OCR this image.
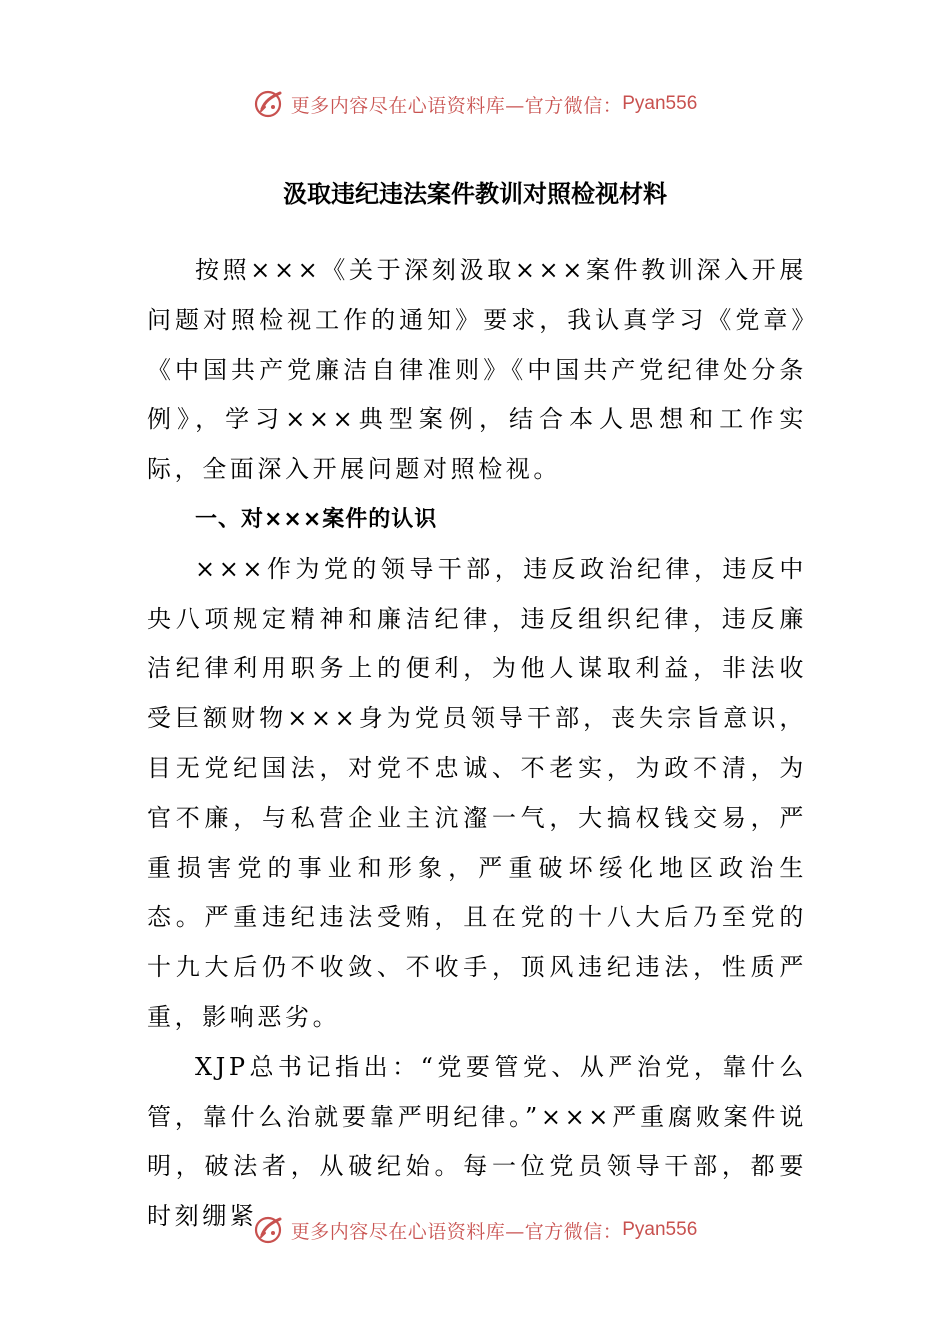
更多内容尽在心语资料库—官方微信： Pyan556
汲取违纪违法案件教训对照检视材料

按照×××《关于深刻汲取×××案件教训深入开展问题对照检视工作的通知》要求，我认真学习《党章》《中国共产党廉洁自律准则》《中国共产党纪律处分条例》，学习×××典型案例，结合本人思想和工作实际，全面深入开展问题对照检视。

一、对×××案件的认识

×××作为党的领导干部，违反政治纪律，违反中央八项规定精神和廉洁纪律，违反组织纪律，违反廉洁纪律利用职务上的便利，为他人谋取利益，非法收受巨额财物×××身为党员领导干部，丧失宗旨意识，目无党纪国法，对党不忠诚、不老实，为政不清，为官不廉，与私营企业主沆瀣一气，大搞权钱交易，严重损害党的事业和形象，严重破坏绥化地区政治生态。严重违纪违法受贿，且在党的十八大后乃至党的十九大后仍不收敛、不收手，顶风违纪违法，性质严重，影响恶劣。

XJP总书记指出：“党要管党、从严治党，靠什么管，靠什么治就要靠严明纪律。”×××严重腐败案件说明，破法者，从破纪始。每一位党员领导干部，都要时刻绷紧

更多内容尽在心语资料库—官方微信： Pyan556
